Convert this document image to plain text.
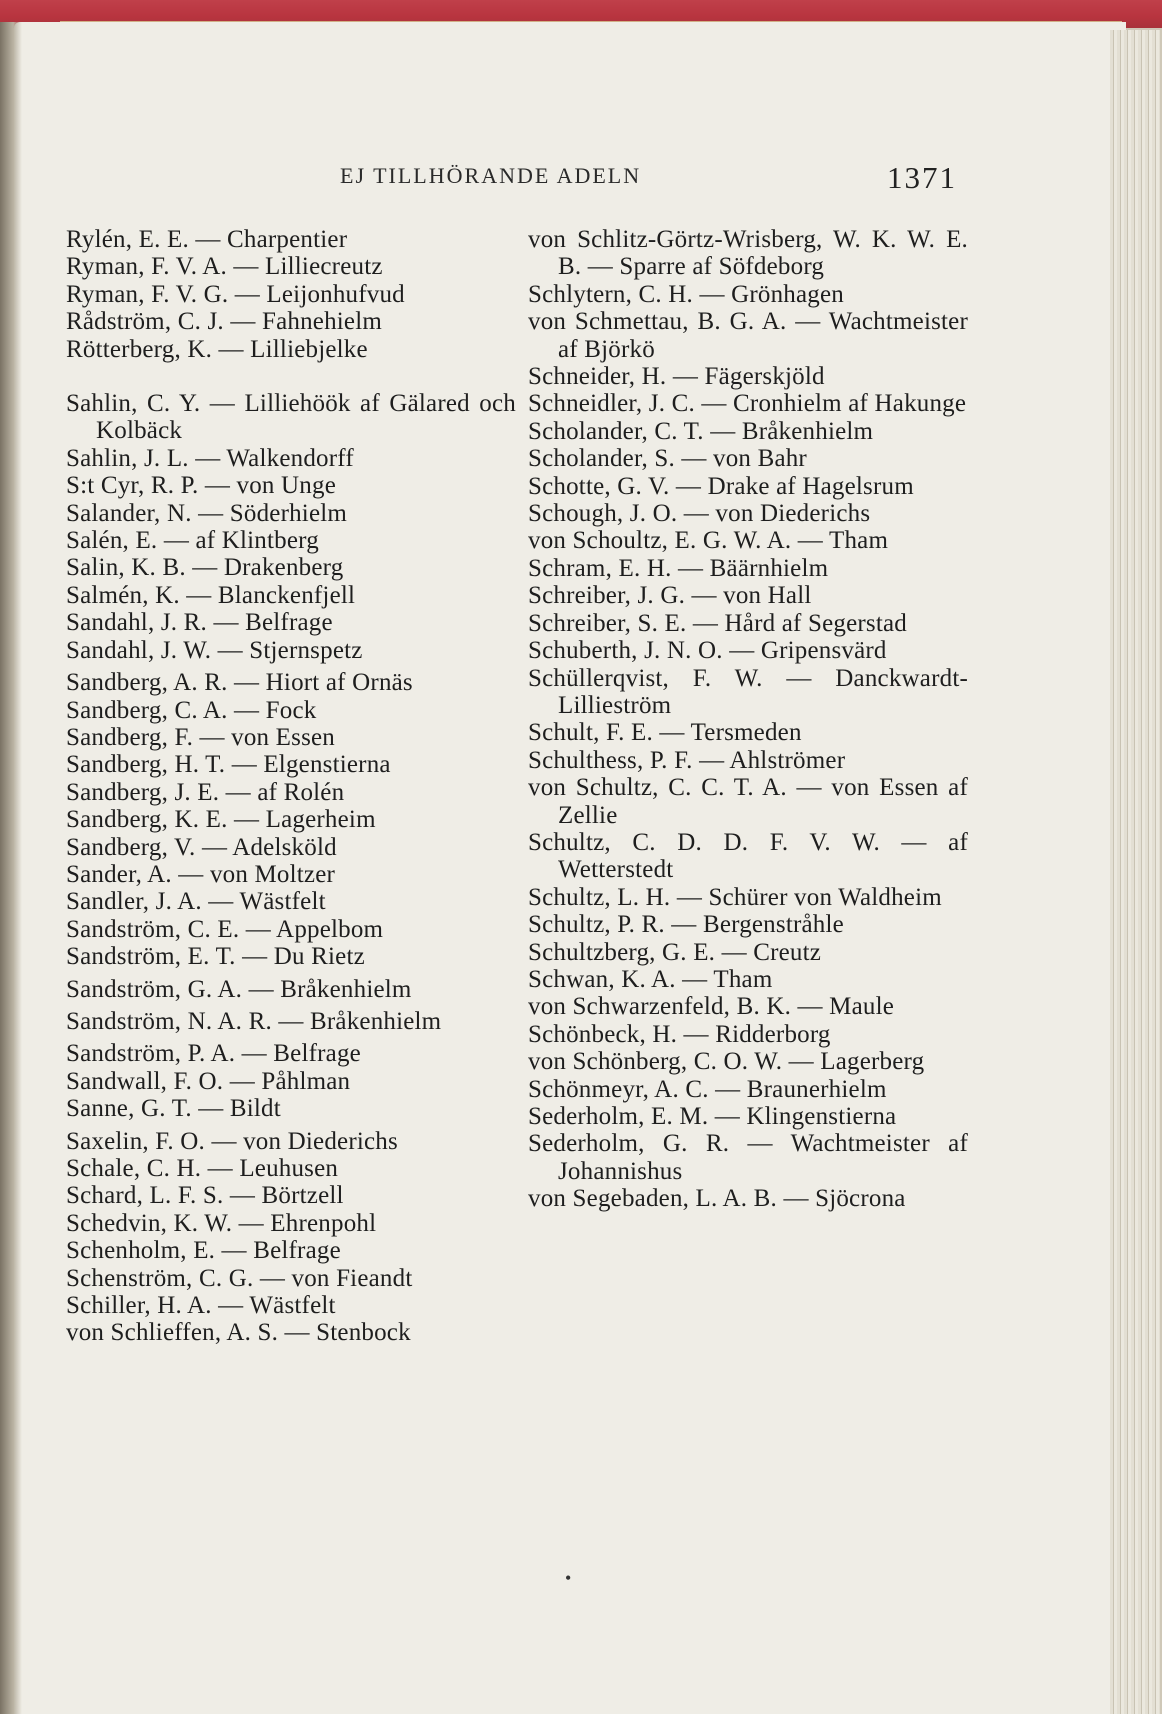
EJ TILLHÖRANDE ADELN	1371
Rylén, E. E. — Charpentier
Ryman, F. V. A. — Lilliecreutz
Ryman, F. V. G. — Leijonhufvud
Rådström, C. J. — Fahnehielm
Rötterberg, K. — Lilliebjelke
Sahlin, C. Y. — Lilliehöök af Gälared och Kolbäck
Sahlin, J. L. — Walkendorff
S:t Cyr, R. P. — von Unge
Salander, N. — Söderhielm
Salén, E. — af Klintberg
Salin, K. B. — Drakenberg
Salmén, K. — Blanckenfjell
Sandahl, J. R. — Belfrage
Sandahl, J. W. — Stjernspetz
Sandberg, A. R. — Hiort af Ornäs
Sandberg, C. A. — Fock
Sandberg, F. — von Essen
Sandberg, H. T. — Elgenstierna
Sandberg, J. E. — af Rolén
Sandberg, K. E. — Lagerheim
Sandberg, V. — Adelsköld
Sander, A. — von Moltzer
Sandler, J. A. — Wästfelt
Sandström, C. E. — Appelbom
Sandström, E. T. — Du Rietz
Sandström, G. A. — Bråkenhielm
Sandström, N. A. R. — Bråkenhielm
Sandström, P. A. — Belfrage
Sandwall, F. O. — Påhlman
Sanne, G. T. — Bildt
Saxelin, F. O. — von Diederichs
Schale, C. H. — Leuhusen
Schard, L. F. S. — Börtzell
Schedvin, K. W. — Ehrenpohl
Schenholm, E. — Belfrage
Schenström, C. G. — von Fieandt
Schiller, H. A. — Wästfelt
von Schlieffen, A. S. — Stenbock
von Schlitz-Görtz-Wrisberg, W. K. W. E. B. — Sparre af Söfdeborg
Schlytern, C. H. — Grönhagen
von Schmettau, B. G. A. — Wachtmeister af Björkö
Schneider, H. — Fägerskjöld
Schneidler, J. C. — Cronhielm af Hakunge
Scholander, C. T. — Bråkenhielm
Scholander, S. — von Bahr
Schotte, G. V. — Drake af Hagelsrum
Schough, J. O. — von Diederichs
von Schoultz, E. G. W. A. — Tham
Schram, E. H. — Bäärnhielm
Schreiber, J. G. — von Hall
Schreiber, S. E. — Hård af Segerstad
Schuberth, J. N. O. — Gripensvärd
Schüllerqvist, F. W. — Danckwardt-Lillieström
Schult, F. E. — Tersmeden
Schulthess, P. F. — Ahlströmer
von Schultz, C. C. T. A. — von Essen af Zellie
Schultz, C. D. D. F. V. W. — af Wetterstedt
Schultz, L. H. — Schürer von Waldheim
Schultz, P. R. — Bergenstråhle
Schultzberg, G. E. — Creutz
Schwan, K. A. — Tham
von Schwarzenfeld, B. K. — Maule
Schönbeck, H. — Ridderborg
von Schönberg, C. O. W. — Lagerberg
Schönmeyr, A. C. — Braunerhielm
Sederholm, E. M. — Klingenstierna
Sederholm, G. R. — Wachtmeister af Johannishus
von Segebaden, L. A. B. — Sjöcrona
•
